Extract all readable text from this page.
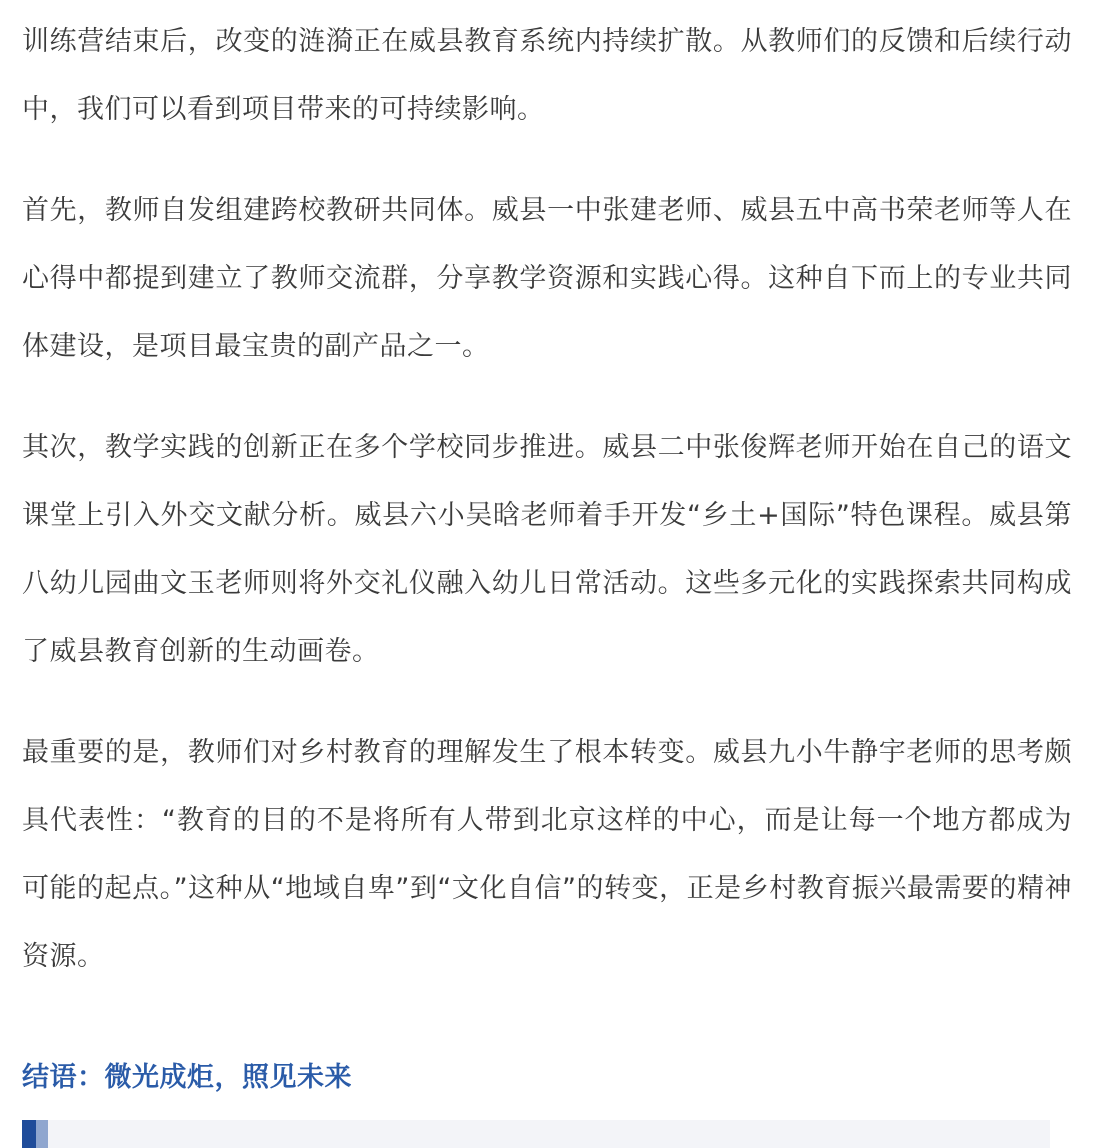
训练营结束后，改变的涟漪正在威县教育系统内持续扩散。从教师们的反馈和后续行动中，我们可以看到项目带来的可持续影响。

首先，教师自发组建跨校教研共同体。威县一中张建老师、威县五中高书荣老师等人在心得中都提到建立了教师交流群，分享教学资源和实践心得。这种自下而上的专业共同体建设，是项目最宝贵的副产品之一。

其次，教学实践的创新正在多个学校同步推进。威县二中张俊辉老师开始在自己的语文课堂上引入外交文献分析。威县六小吴晗老师着手开发“乡土+国际”特色课程。威县第八幼儿园曲文玉老师则将外交礼仪融入幼儿日常活动。这些多元化的实践探索共同构成了威县教育创新的生动画卷。

最重要的是，教师们对乡村教育的理解发生了根本转变。威县九小牛静宇老师的思考颇具代表性：“教育的目的不是将所有人带到北京这样的中心，而是让每一个地方都成为可能的起点。”这种从“地域自卑”到“文化自信”的转变，正是乡村教育振兴最需要的精神资源。

结语：微光成炬，照见未来
